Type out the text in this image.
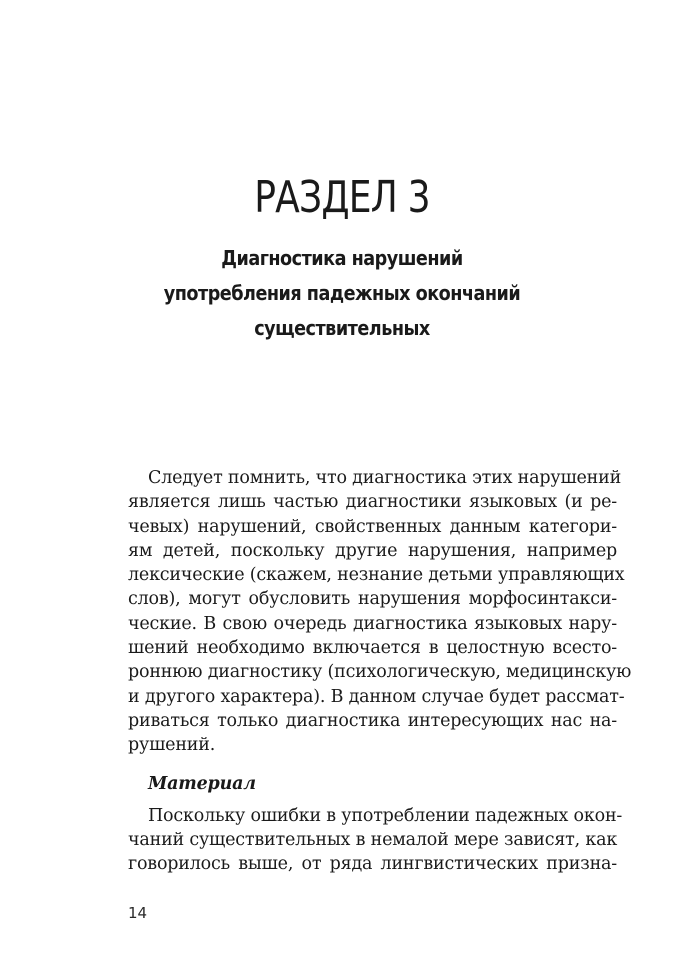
РАЗДЕЛ 3
Диагностика нарушений
употребления падежных окончаний
существительных
Следует помнить, что диагностика этих нарушений
является лишь частью диагностики языковых (и ре-
чевых) нарушений, свойственных данным категори-
ям детей, поскольку другие нарушения, например
лексические (скажем, незнание детьми управляющих
слов), могут обусловить нарушения морфосинтакси-
ческие. В свою очередь диагностика языковых нару-
шений необходимо включается в целостную всесто-
роннюю диагностику (психологическую, медицинскую
и другого характера). В данном случае будет рассмат-
риваться только диагностика интересующих нас на-
рушений.
Материал
Поскольку ошибки в употреблении падежных окон-
чаний существительных в немалой мере зависят, как
говорилось выше, от ряда лингвистических призна-
14
